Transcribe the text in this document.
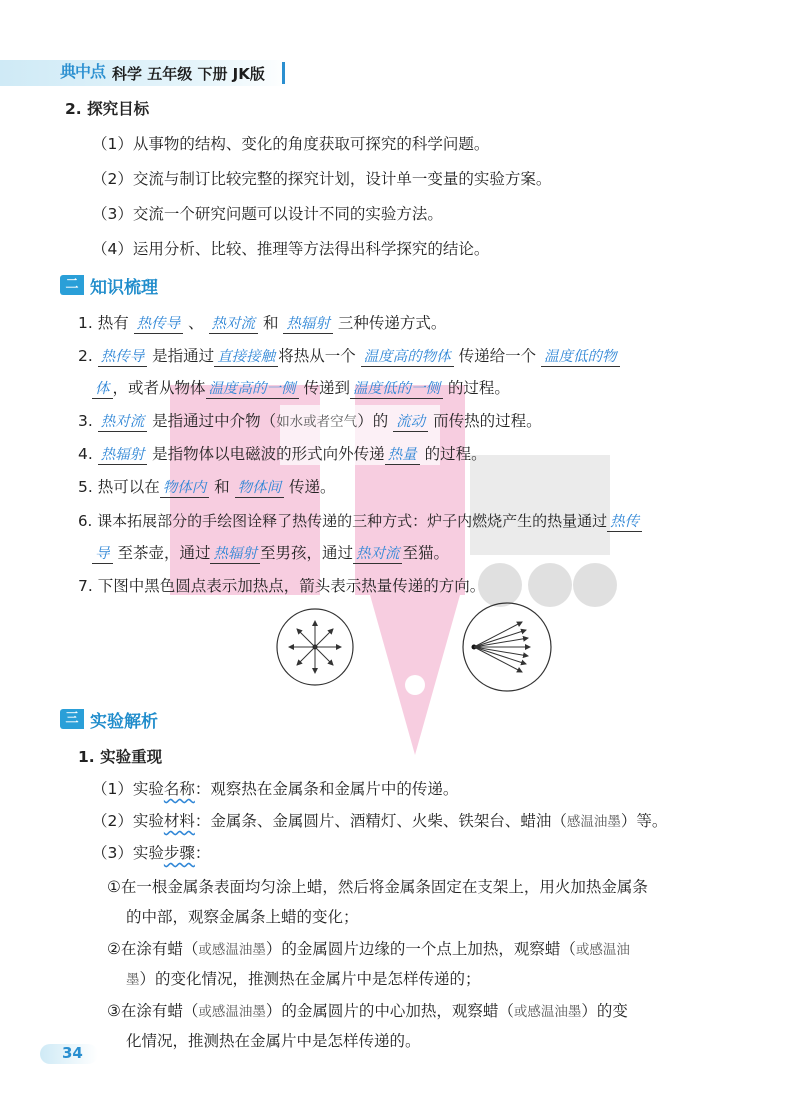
典中点 科学 五年级 下册 JK版
2. 探究目标
（1）从事物的结构、变化的角度获取可探究的科学问题。
（2）交流与制订比较完整的探究计划，设计单一变量的实验方案。
（3）交流一个研究问题可以设计不同的实验方法。
（4）运用分析、比较、推理等方法得出科学探究的结论。
二 知识梳理
1. 热有 热传导 、 热对流 和 热辐射 三种传递方式。
2. 热传导 是指通过 直接接触 将热从一个 温度高的物体 传递给一个 温度低的物
体 ，或者从物体 温度高的一侧 传递到 温度低的一侧 的过程。
3. 热对流 是指通过中介物（如水或者空气）的 流动 而传热的过程。
4. 热辐射 是指物体以电磁波的形式向外传递 热量 的过程。
5. 热可以在 物体内 和 物体间 传递。
6. 课本拓展部分的手绘图诠释了热传递的三种方式：炉子内燃烧产生的热量通过 热传
导 至茶壶，通过 热辐射 至男孩，通过 热对流 至猫。
7. 下图中黑色圆点表示加热点，箭头表示热量传递的方向。
三 实验解析
1. 实验重现
（1）实验名称：观察热在金属条和金属片中的传递。
（2）实验材料：金属条、金属圆片、酒精灯、火柴、铁架台、蜡油（感温油墨）等。
（3）实验步骤：
①在一根金属条表面均匀涂上蜡，然后将金属条固定在支架上，用火加热金属条
的中部，观察金属条上蜡的变化；
②在涂有蜡（或感温油墨）的金属圆片边缘的一个点上加热，观察蜡（或感温油
墨）的变化情况，推测热在金属片中是怎样传递的；
③在涂有蜡（或感温油墨）的金属圆片的中心加热，观察蜡（或感温油墨）的变
化情况，推测热在金属片中是怎样传递的。
34
